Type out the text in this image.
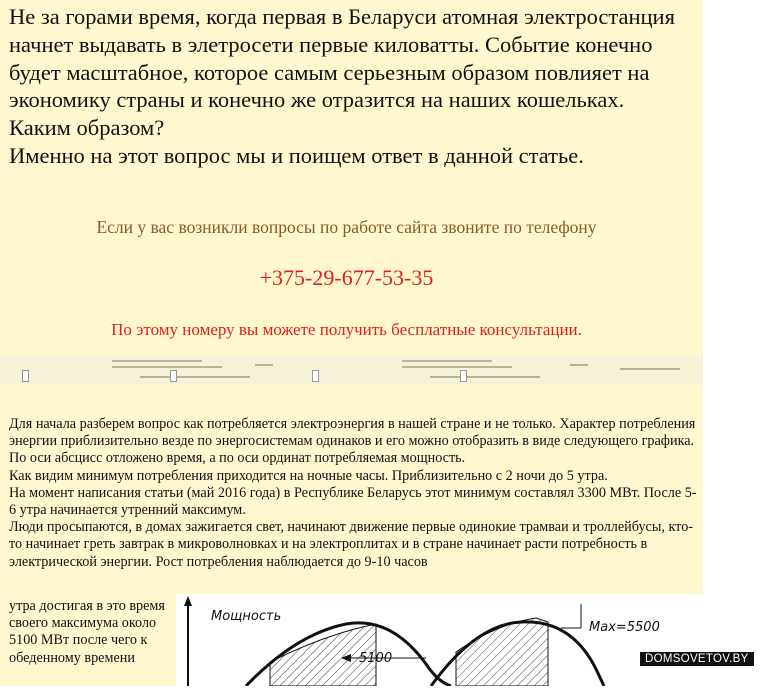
Не за горами время, когда первая в Беларуси атомная электростанция начнет выдавать в элетросети первые киловатты. Событие конечно будет масштабное, которое самым серьезным образом повлияет на экономику страны и конечно же отразится на наших кошельках.

Каким образом?

Именно на этот вопрос мы и поищем ответ в данной статье.

Если у вас возникли вопросы по работе сайта звоните по телефону
+375-29-677-53-35
По этому номеру вы можете получить бесплатные консультации.

Для начала разберем вопрос как потребляется электроэнергия в нашей стране и не только. Характер потребления энергии приблизительно везде по энергосистемам одинаков и его можно отобразить в виде следующего графика. По оси абсцисс отложено время, а по оси ординат потребляемая мощность.

Как видим минимум потребления приходится на ночные часы. Приблизительно с 2 ночи до 5 утра.

На момент написания статьи (май 2016 года) в Республике Беларусь этот минимум составлял 3300 МВт. После 5-6 утра начинается утренний максимум.

Люди просыпаются, в домах зажигается свет, начинают движение первые одинокие трамваи и троллейбусы, кто-то начинает греть завтрак в микроволновках и на электроплитах и в стране начинает расти потребность в электрической энергии. Рост потребления наблюдается до 9-10 часов

утра достигая в это время своего максимума около 5100 МВт после чего к обеденному времени
Мощность
5100
Max=5500
DOMSOVETOV.BY
